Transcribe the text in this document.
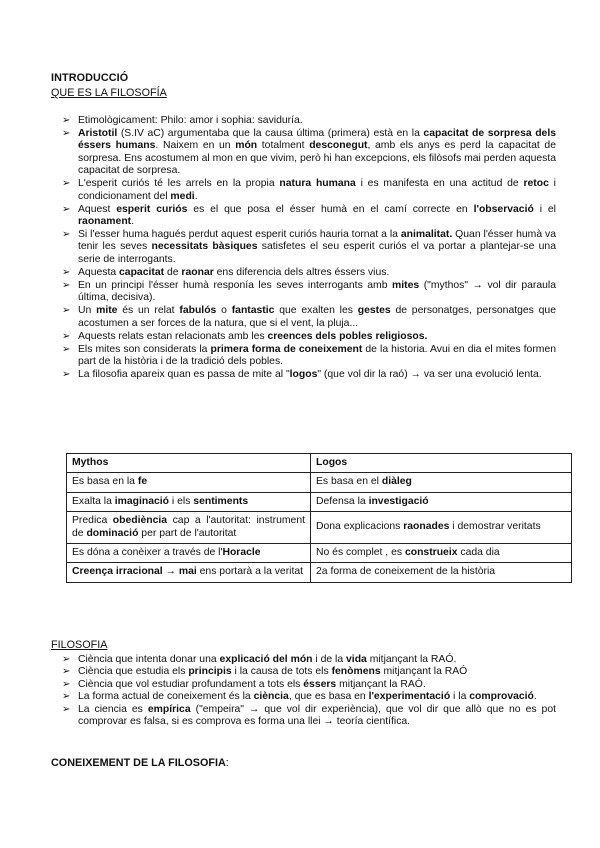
INTRODUCCIÓ
QUE ES LA FILOSOFÍA
➢ Etimològicament: Philo: amor i sophia: saviduría.
➢ Aristotil (S.IV aC) argumentaba que la causa última (primera) està en la capacitat de sorpresa dels éssers humans. Naixem en un món totalment desconegut, amb els anys es perd la capacitat de sorpresa. Ens acostumem al mon en que vivim, però hi han excepcions, els filòsofs mai perden aquesta capacitat de sorpresa.
➢ L'esperit curiós té les arrels en la propia natura humana i es manifesta en una actitud de retoc i condicionament del medi.
➢ Aquest esperit curiós es el que posa el ésser humà en el camí correcte en l'observació i el raonament.
➢ Si l'esser huma hagués perdut aquest esperit curiós hauria tornat a la animalitat. Quan l'ésser humà va tenir les seves necessitats bàsiques satisfetes el seu esperit curiós el va portar a plantejar-se una serie de interrogants.
➢ Aquesta capacitat de raonar ens diferencia dels altres éssers vius.
➢ En un principi l'ésser humà responía les seves interrogants amb mites ("mythos" → vol dir paraula última, decisiva).
➢ Un mite és un relat fabulós o fantastic que exalten les gestes de personatges, personatges que acostumen a ser forces de la natura, que si el vent, la pluja...
➢ Aquests relats estan relacionats amb les creences dels pobles religiosos.
➢ Els mites son considerats la primera forma de coneixement de la historia. Avui en dia el mites formen part de la història i de la tradició dels pobles.
➢ La filosofia apareix quan es passa de mite al "logos" (que vol dir la raó) → va ser una evolució lenta.
Mythos	Logos
Es basa en la fe	Es basa en el diàleg
Exalta la imaginació i els sentiments	Defensa la investigació
Predica obediència cap a l'autoritat: instrument de dominació per part de l'autoritat	Dona explicacions raonades i demostrar veritats
Es dóna a conèixer a través de l'Horacle	No és complet , es construeix cada dia
Creença irracional → mai ens portarà a la veritat	2a forma de coneixement de la història
FILOSOFIA
➢ Ciència que intenta donar una explicació del món i de la vida mitjançant la RAÓ.
➢ Ciència que estudia els principis i la causa de tots els fenòmens mitjançant la RAÓ
➢ Ciència que vol estudiar profundament a tots els éssers mitjançant la RAÓ.
➢ La forma actual de coneixement és la ciència, que es basa en l'experimentació i la comprovació.
➢ La ciencia es empírica ("empeira" → que vol dir experiència), que vol dir que allò que no es pot comprovar es falsa, si es comprova es forma una llei → teoría científica.
CONEIXEMENT DE LA FILOSOFIA:
